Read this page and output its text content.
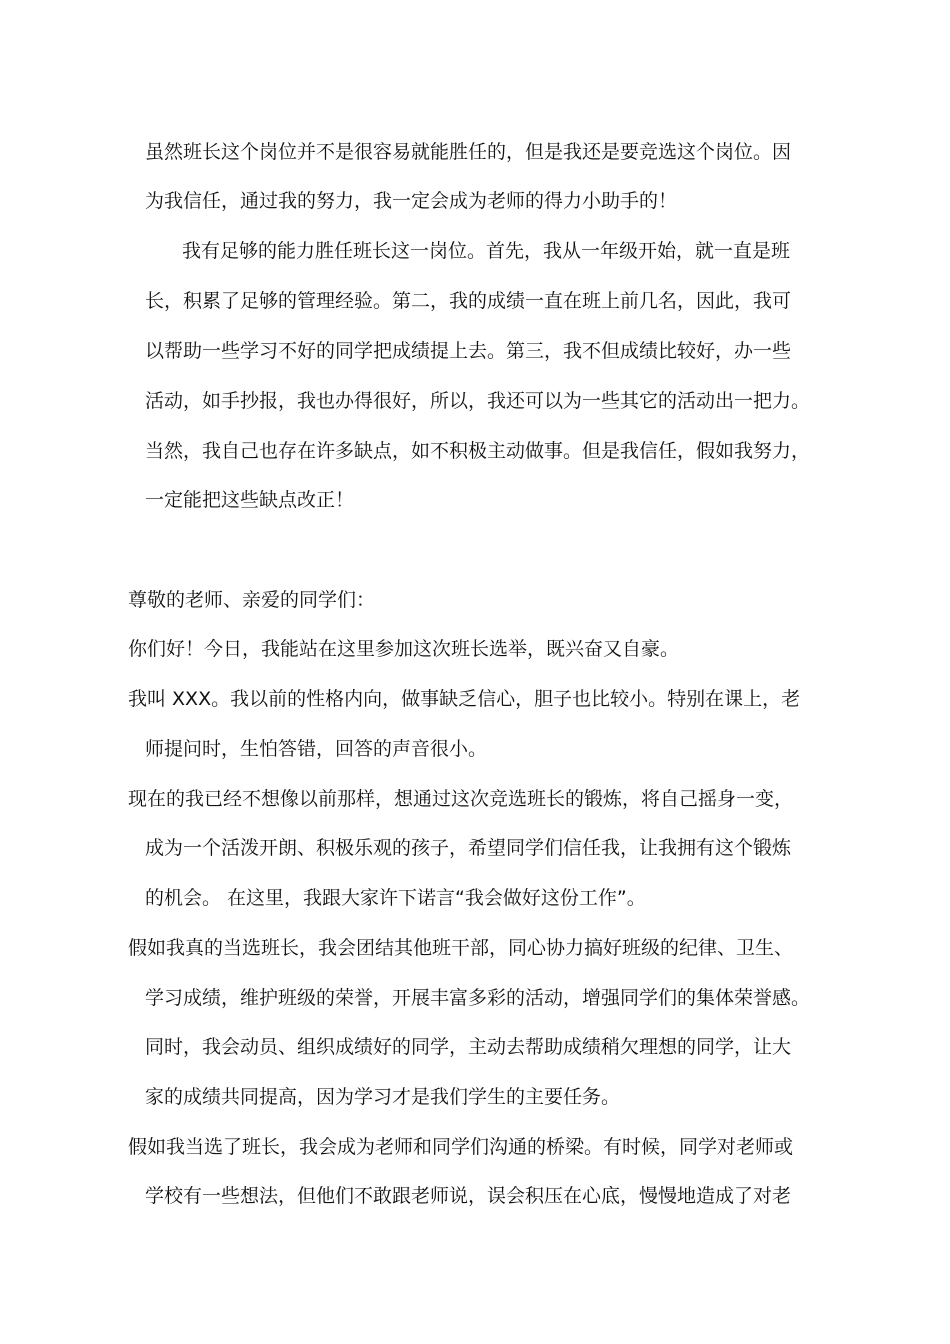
虽然班长这个岗位并不是很容易就能胜任的，但是我还是要竞选这个岗位。因
为我信任，通过我的努力，我一定会成为老师的得力小助手的！
我有足够的能力胜任班长这一岗位。首先，我从一年级开始，就一直是班
长，积累了足够的管理经验。第二，我的成绩一直在班上前几名，因此，我可
以帮助一些学习不好的同学把成绩提上去。第三，我不但成绩比较好，办一些
活动，如手抄报，我也办得很好，所以，我还可以为一些其它的活动出一把力。
当然，我自己也存在许多缺点，如不积极主动做事。但是我信任，假如我努力，
一定能把这些缺点改正！
尊敬的老师、亲爱的同学们：
你们好！今日，我能站在这里参加这次班长选举，既兴奋又自豪。
我叫 XXX。我以前的性格内向，做事缺乏信心，胆子也比较小。特别在课上，老
师提问时，生怕答错，回答的声音很小。
现在的我已经不想像以前那样，想通过这次竞选班长的锻炼，将自己摇身一变，
成为一个活泼开朗、积极乐观的孩子，希望同学们信任我，让我拥有这个锻炼
的机会。 在这里，我跟大家许下诺言“我会做好这份工作”。
假如我真的当选班长，我会团结其他班干部，同心协力搞好班级的纪律、卫生、
学习成绩，维护班级的荣誉，开展丰富多彩的活动，增强同学们的集体荣誉感。
同时，我会动员、组织成绩好的同学，主动去帮助成绩稍欠理想的同学，让大
家的成绩共同提高，因为学习才是我们学生的主要任务。
假如我当选了班长，我会成为老师和同学们沟通的桥梁。有时候，同学对老师或
学校有一些想法，但他们不敢跟老师说，误会积压在心底，慢慢地造成了对老
